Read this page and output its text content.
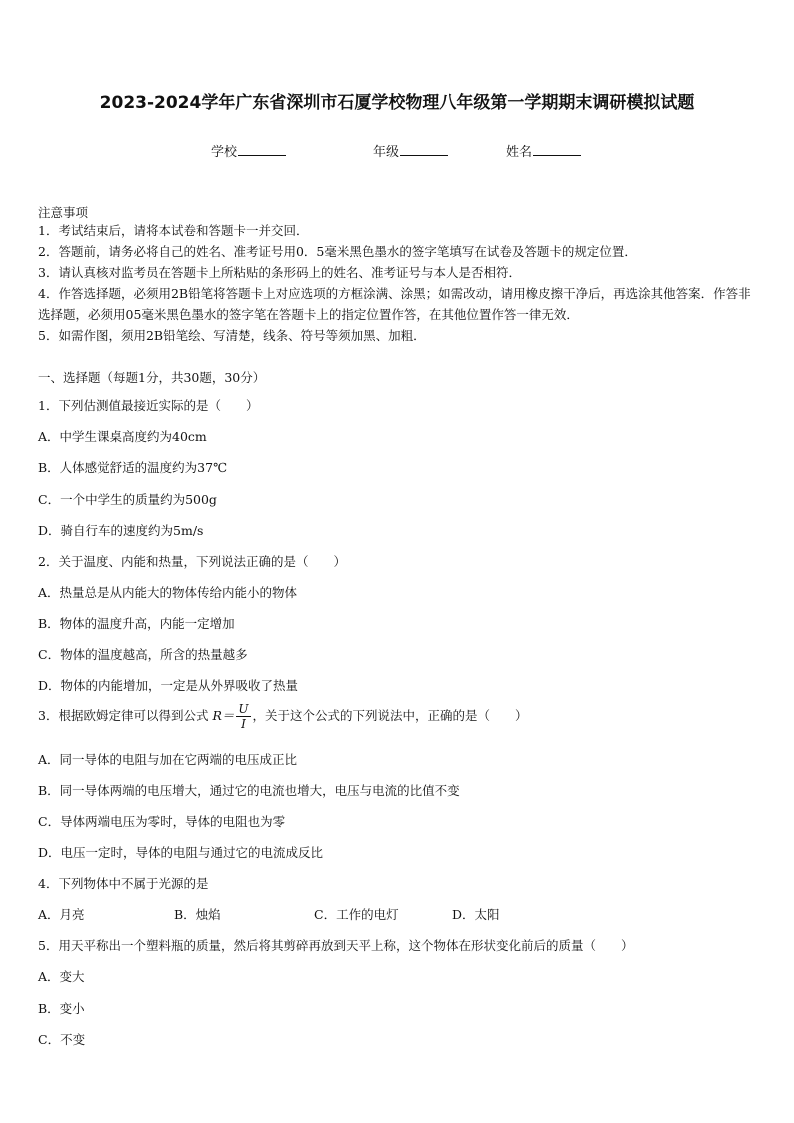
2023-2024学年广东省深圳市石厦学校物理八年级第一学期期末调研模拟试题
学校	年级	姓名
注意事项
1．考试结束后，请将本试卷和答题卡一并交回．
2．答题前，请务必将自己的姓名、准考证号用0．5毫米黑色墨水的签字笔填写在试卷及答题卡的规定位置．
3．请认真核对监考员在答题卡上所粘贴的条形码上的姓名、准考证号与本人是否相符．
4．作答选择题，必须用2B铅笔将答题卡上对应选项的方框涂满、涂黑；如需改动，请用橡皮擦干净后，再选涂其他答案．作答非选择题，必须用05毫米黑色墨水的签字笔在答题卡上的指定位置作答，在其他位置作答一律无效．
5．如需作图，须用2B铅笔绘、写清楚，线条、符号等须加黑、加粗．
一、选择题（每题1分，共30题，30分）
1．下列估测值最接近实际的是（　　）
A．中学生课桌高度约为40cm
B．人体感觉舒适的温度约为37℃
C．一个中学生的质量约为500g
D．骑自行车的速度约为5m/s
2．关于温度、内能和热量，下列说法正确的是（　　）
A．热量总是从内能大的物体传给内能小的物体
B．物体的温度升高，内能一定增加
C．物体的温度越高，所含的热量越多
D．物体的内能增加，一定是从外界吸收了热量
3．根据欧姆定律可以得到公式 $R= \frac{U}{I}$ ，关于这个公式的下列说法中，正确的是（　　）
A．同一导体的电阻与加在它两端的电压成正比
B．同一导体两端的电压增大，通过它的电流也增大，电压与电流的比值不变
C．导体两端电压为零时，导体的电阻也为零
D．电压一定时，导体的电阻与通过它的电流成反比
4．下列物体中不属于光源的是
A．月亮	B．烛焰	C．工作的电灯	D．太阳
5．用天平称出一个塑料瓶的质量，然后将其剪碎再放到天平上称，这个物体在形状变化前后的质量（　　）
A．变大
B．变小
C．不变
